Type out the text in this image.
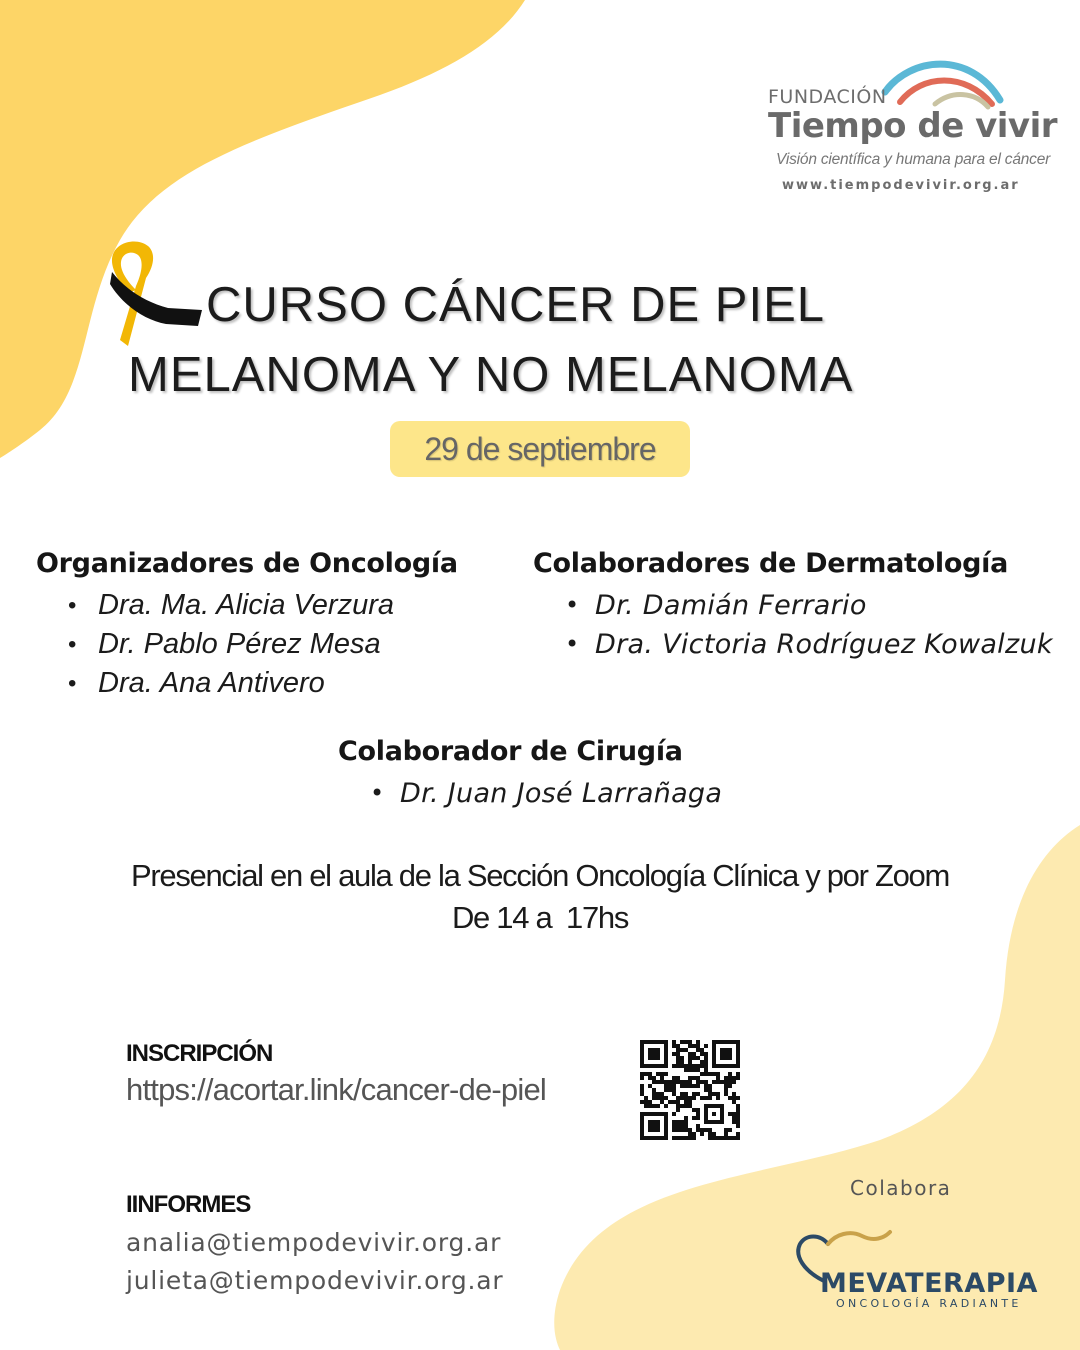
FUNDACIÓN
Tiempo de vivir
Visión científica y humana para el cáncer
www.tiempodevivir.org.ar
CURSO CÁNCER DE PIEL
MELANOMA Y NO MELANOMA
29 de septiembre
Organizadores de Oncología
• Dra. Ma. Alicia Verzura
• Dr. Pablo Pérez Mesa
• Dra. Ana Antivero
Colaboradores de Dermatología
• Dr. Damián Ferrario
• Dra. Victoria Rodríguez Kowalzuk
Colaborador de Cirugía
• Dr. Juan José Larrañaga
Presencial en el aula de la Sección Oncología Clínica y por Zoom
De 14 a  17hs
INSCRIPCIÓN
https://acortar.link/cancer-de-piel
IINFORMES
analia@tiempodevivir.org.ar
julieta@tiempodevivir.org.ar
Colabora
MEVATERAPIA
ONCOLOGÍA RADIANTE
